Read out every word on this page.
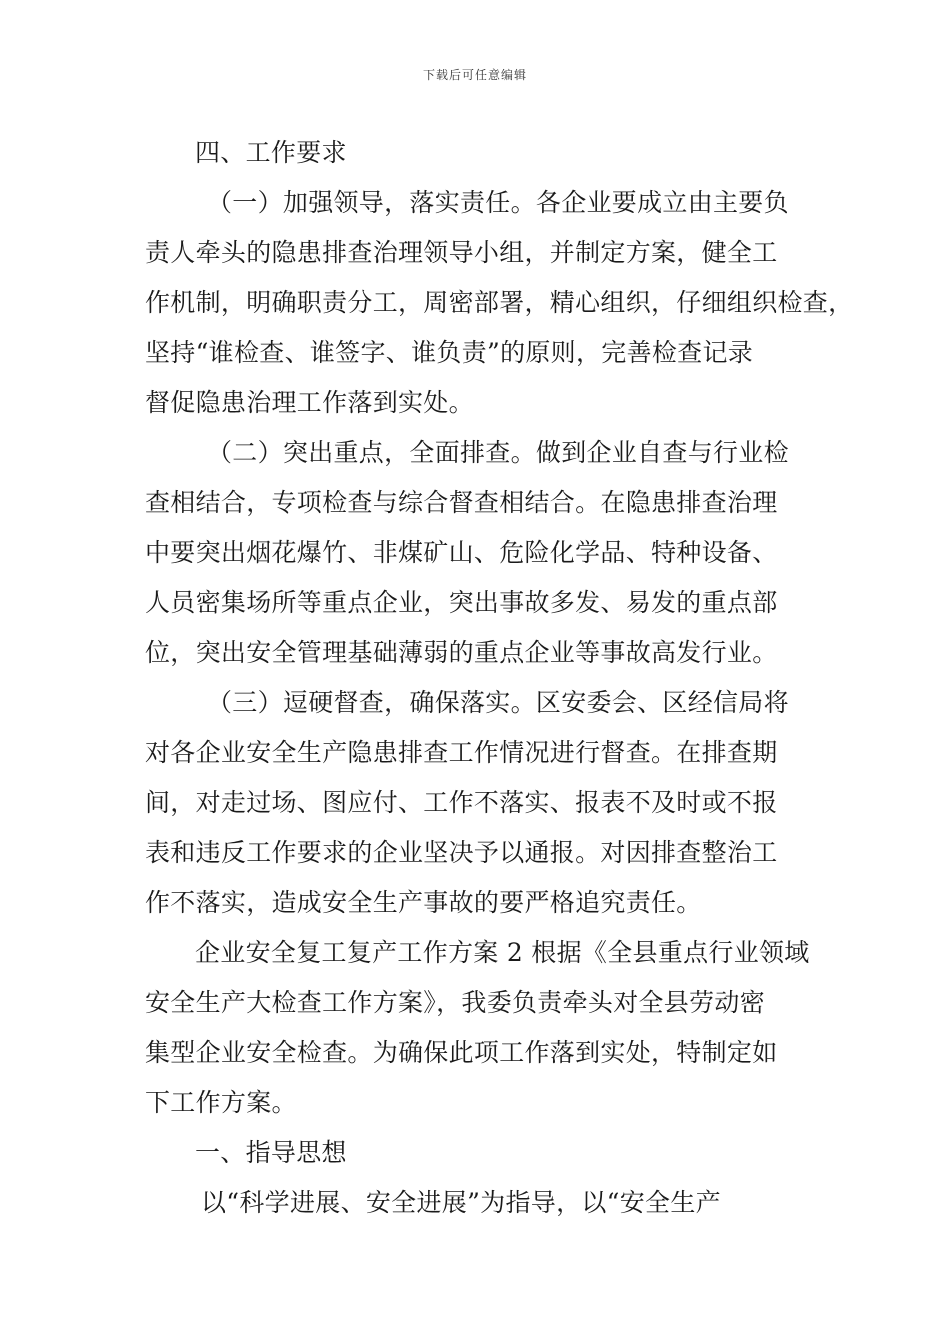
下载后可任意编辑
四、工作要求
（一）加强领导，落实责任。各企业要成立由主要负
责人牵头的隐患排查治理领导小组，并制定方案，健全工
作机制，明确职责分工，周密部署，精心组织，仔细组织检查，
坚持“谁检查、谁签字、谁负责”的原则，完善检查记录
督促隐患治理工作落到实处。
（二）突出重点，全面排查。做到企业自查与行业检
查相结合，专项检查与综合督查相结合。在隐患排查治理
中要突出烟花爆竹、非煤矿山、危险化学品、特种设备、
人员密集场所等重点企业，突出事故多发、易发的重点部
位，突出安全管理基础薄弱的重点企业等事故高发行业。
（三）逗硬督查，确保落实。区安委会、区经信局将
对各企业安全生产隐患排查工作情况进行督查。在排查期
间，对走过场、图应付、工作不落实、报表不及时或不报
表和违反工作要求的企业坚决予以通报。对因排查整治工
作不落实，造成安全生产事故的要严格追究责任。
企业安全复工复产工作方案 2 根据《全县重点行业领域
安全生产大检查工作方案》，我委负责牵头对全县劳动密
集型企业安全检查。为确保此项工作落到实处，特制定如
下工作方案。
一、指导思想
以“科学进展、安全进展”为指导，以“安全生产
